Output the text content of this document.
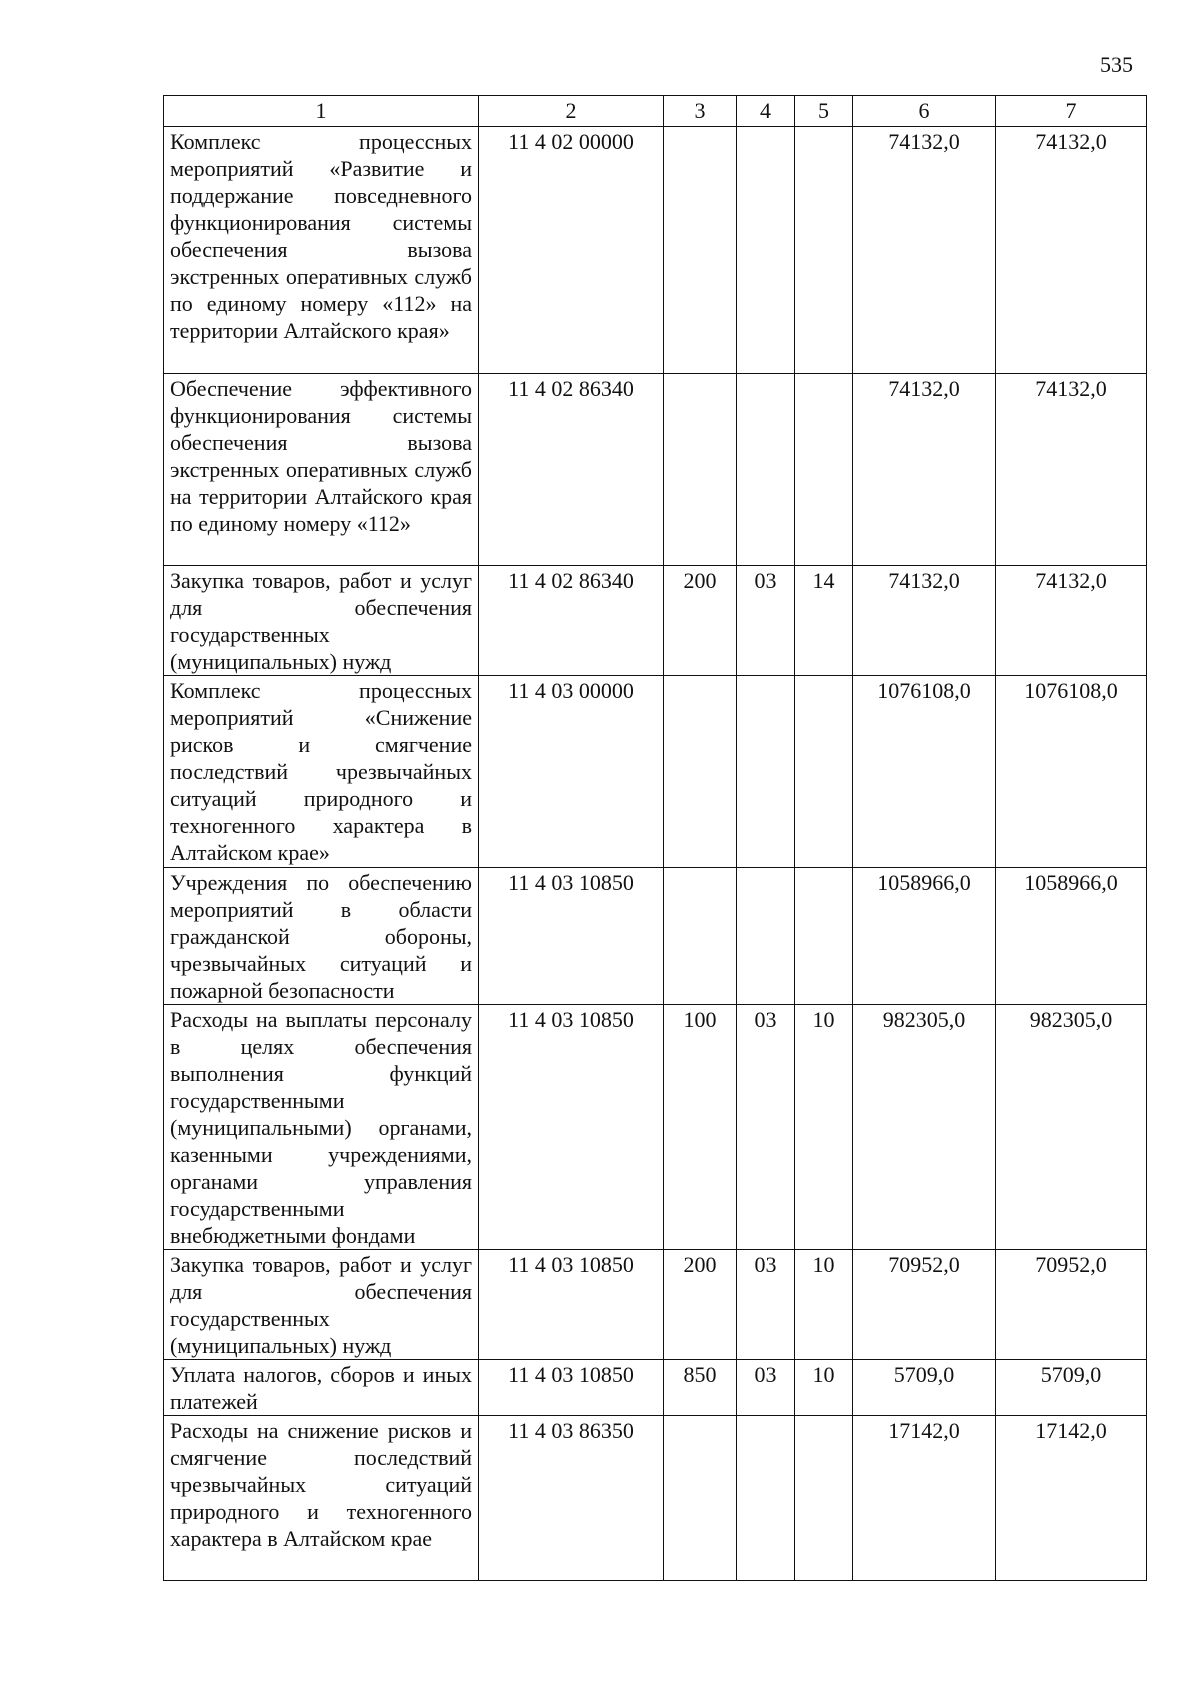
535
1	2	3	4	5	6	7
Комплекс процессных мероприятий «Развитие и поддержание повседневного функционирования системы обеспечения вызова экстренных оперативных служб по единому номеру «112» на территории Алтайского края»	11 4 02 00000				74132,0	74132,0
Обеспечение эффективного функционирования системы обеспечения вызова экстренных оперативных служб на территории Алтайского края по единому номеру «112»	11 4 02 86340				74132,0	74132,0
Закупка товаров, работ и услуг для обеспечения государственных (муниципальных) нужд	11 4 02 86340	200	03	14	74132,0	74132,0
Комплекс процессных мероприятий «Снижение рисков и смягчение последствий чрезвычайных ситуаций природного и техногенного характера в Алтайском крае»	11 4 03 00000				1076108,0	1076108,0
Учреждения по обеспечению мероприятий в области гражданской обороны, чрезвычайных ситуаций и пожарной безопасности	11 4 03 10850				1058966,0	1058966,0
Расходы на выплаты персоналу в целях обеспечения выполнения функций государственными (муниципальными) органами, казенными учреждениями, органами управления государственными внебюджетными фондами	11 4 03 10850	100	03	10	982305,0	982305,0
Закупка товаров, работ и услуг для обеспечения государственных (муниципальных) нужд	11 4 03 10850	200	03	10	70952,0	70952,0
Уплата налогов, сборов и иных платежей	11 4 03 10850	850	03	10	5709,0	5709,0
Расходы на снижение рисков и смягчение последствий чрезвычайных ситуаций природного и техногенного характера в Алтайском крае	11 4 03 86350				17142,0	17142,0
